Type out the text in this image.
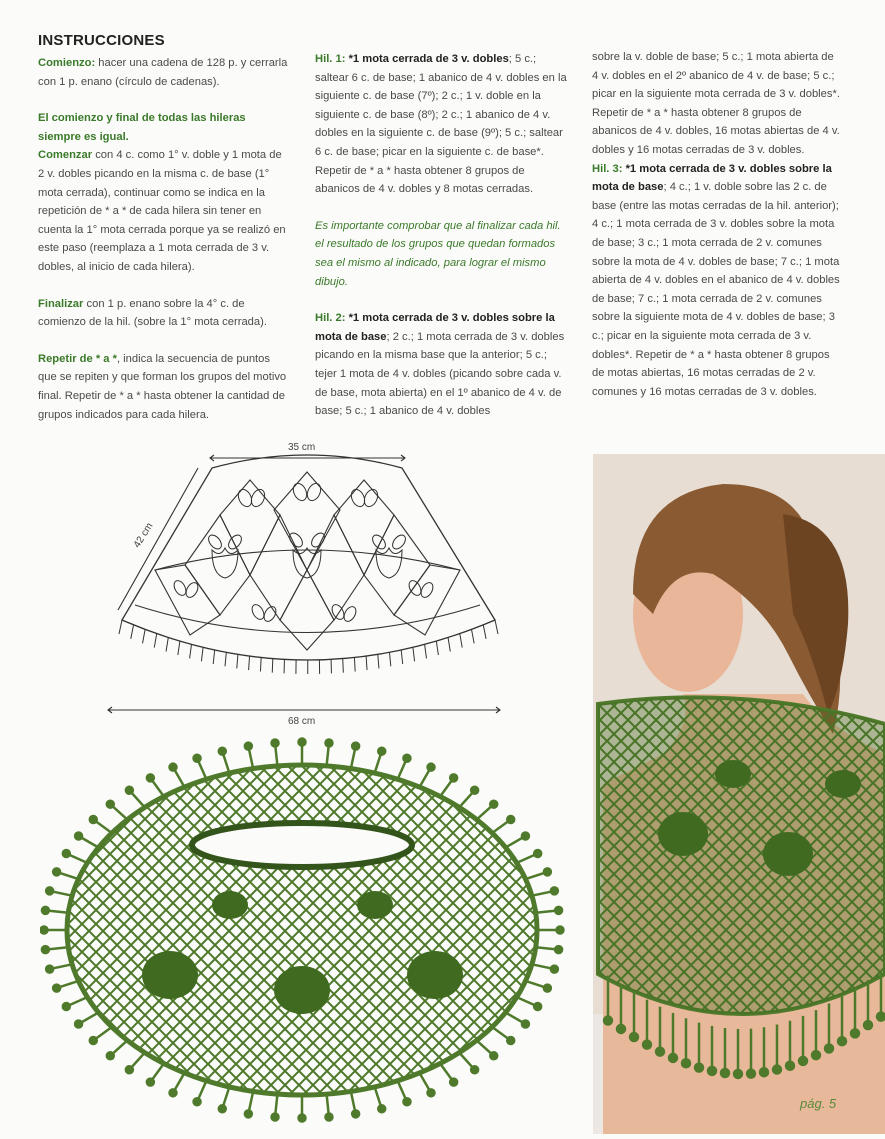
INSTRUCCIONES

Comienzo: hacer una cadena de 128 p. y cerrarla con 1 p. enano (círculo de cadenas).

El comienzo y final de todas las hileras siempre es igual.

Comenzar con 4 c. como 1° v. doble y 1 mota de 2 v. dobles picando en la misma c. de base (1° mota cerrada), continuar como se indica en la repetición de * a * de cada hilera sin tener en cuenta la 1° mota cerrada porque ya se realizó en este paso (reemplaza a 1 mota cerrada de 3 v. dobles, al inicio de cada hilera).

Finalizar con 1 p. enano sobre la 4° c. de comienzo de la hil. (sobre la 1° mota cerrada).

Repetir de * a *, indica la secuencia de puntos que se repiten y que forman los grupos del motivo final. Repetir de * a * hasta obtener la cantidad de grupos indicados para cada hilera.

Hil. 1: *1 mota cerrada de 3 v. dobles; 5 c.; saltear 6 c. de base; 1 abanico de 4 v. dobles en la siguiente c. de base (7º); 2 c.; 1 v. doble en la siguiente c. de base (8º); 2 c.; 1 abanico de 4 v. dobles en la siguiente c. de base (9º); 5 c.; saltear 6 c. de base; picar en la siguiente c. de base*. Repetir de * a * hasta obtener 8 grupos de abanicos de 4 v. dobles y 8 motas cerradas.

Es importante comprobar que al finalizar cada hil. el resultado de los grupos que quedan formados sea el mismo al indicado, para lograr el mismo dibujo.

Hil. 2: *1 mota cerrada de 3 v. dobles sobre la mota de base; 2 c.; 1 mota cerrada de 3 v. dobles picando en la misma base que la anterior; 5 c.; tejer 1 mota de 4 v. dobles (picando sobre cada v. de base, mota abierta) en el 1º abanico de 4 v. de base; 5 c.; 1 abanico de 4 v. dobles

sobre la v. doble de base; 5 c.; 1 mota abierta de 4 v. dobles en el 2º abanico de 4 v. de base; 5 c.; picar en la siguiente mota cerrada de 3 v. dobles*. Repetir de * a * hasta obtener 8 grupos de abanicos de 4 v. dobles, 16 motas abiertas de 4 v. dobles y 16 motas cerradas de 3 v. dobles.

Hil. 3: *1 mota cerrada de 3 v. dobles sobre la mota de base; 4 c.; 1 v. doble sobre las 2 c. de base (entre las motas cerradas de la hil. anterior); 4 c.; 1 mota cerrada de 3 v. dobles sobre la mota de base; 3 c.; 1 mota cerrada de 2 v. comunes sobre la mota de 4 v. dobles de base; 7 c.; 1 mota abierta de 4 v. dobles en el abanico de 4 v. dobles de base; 7 c.; 1 mota cerrada de 2 v. comunes sobre la siguiente mota de 4 v. dobles de base; 3 c.; picar en la siguiente mota cerrada de 3 v. dobles*. Repetir de * a * hasta obtener 8 grupos de motas abiertas, 16 motas cerradas de 2 v. comunes y 16 motas cerradas de 3 v. dobles.

35 cm
42 cm
68 cm
pág. 5
